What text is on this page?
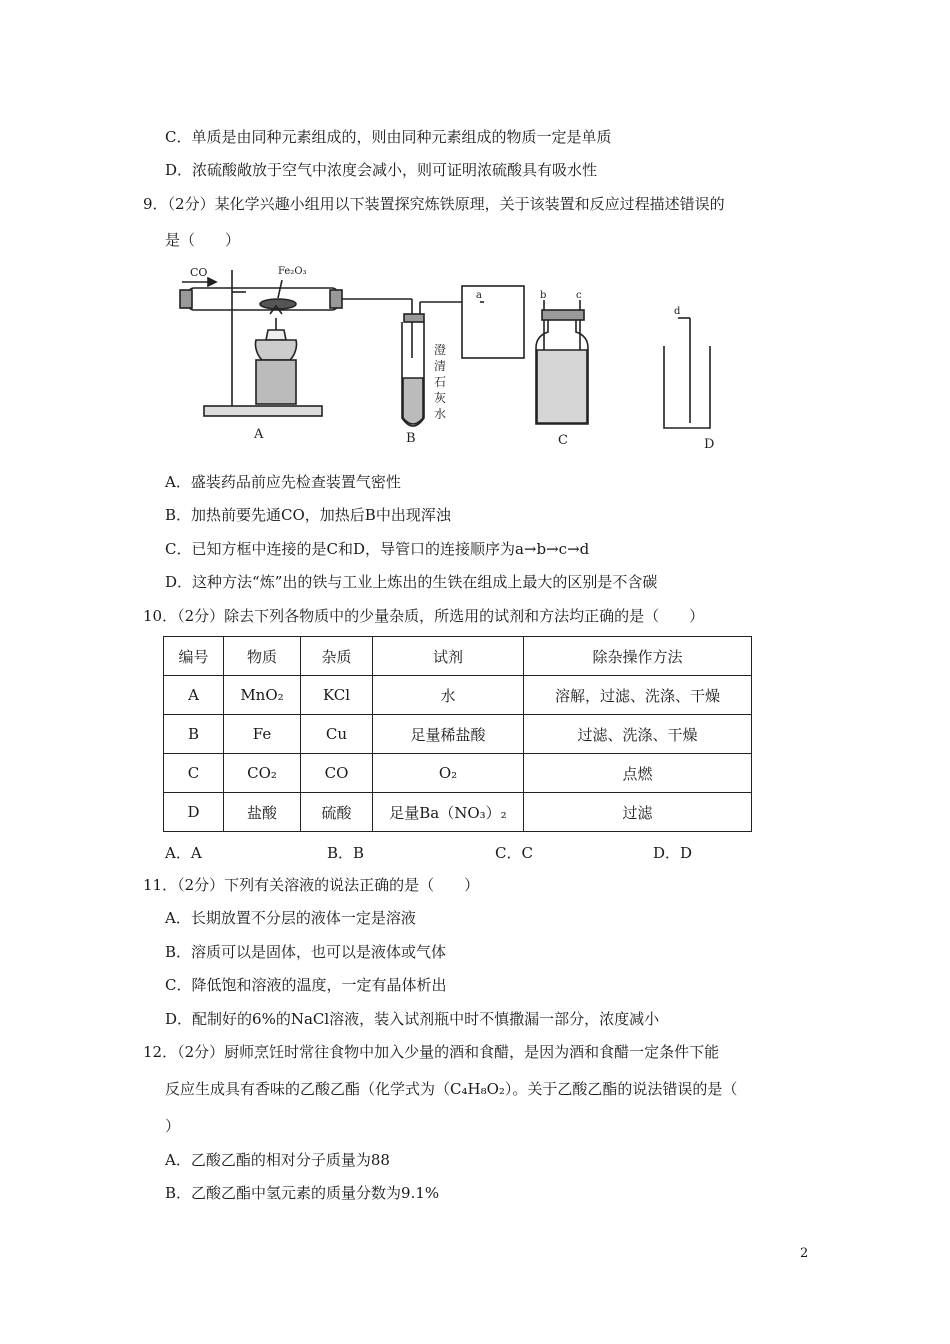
C．单质是由同种元素组成的，则由同种元素组成的物质一定是单质
D．浓硫酸敞放于空气中浓度会减小，则可证明浓硫酸具有吸水性
9．（2分）某化学兴趣小组用以下装置探究炼铁原理，关于该装置和反应过程描述错误的
是（　　）
CO	Fe₂O₃
a	b	c
d
澄
清
石
灰
水
A	B	C	D
A．盛装药品前应先检查装置气密性
B．加热前要先通CO，加热后B中出现浑浊
C．已知方框中连接的是C和D，导管口的连接顺序为a→b→c→d
D．这种方法“炼”出的铁与工业上炼出的生铁在组成上最大的区别是不含碳
10．（2分）除去下列各物质中的少量杂质，所选用的试剂和方法均正确的是（　　）
编号	物质	杂质	试剂	除杂操作方法
A	MnO₂	KCl	水	溶解，过滤、洗涤、干燥
B	Fe	Cu	足量稀盐酸	过滤、洗涤、干燥
C	CO₂	CO	O₂	点燃
D	盐酸	硫酸	足量Ba（NO₃）₂	过滤
A．A	B．B	C．C	D．D
11．（2分）下列有关溶液的说法正确的是（　　）
A．长期放置不分层的液体一定是溶液
B．溶质可以是固体，也可以是液体或气体
C．降低饱和溶液的温度，一定有晶体析出
D．配制好的6%的NaCl溶液，装入试剂瓶中时不慎撒漏一部分，浓度减小
12．（2分）厨师烹饪时常往食物中加入少量的酒和食醋，是因为酒和食醋一定条件下能
反应生成具有香味的乙酸乙酯（化学式为（C₄H₈O₂）。关于乙酸乙酯的说法错误的是（
）
A．乙酸乙酯的相对分子质量为88
B．乙酸乙酯中氢元素的质量分数为9.1%
2
